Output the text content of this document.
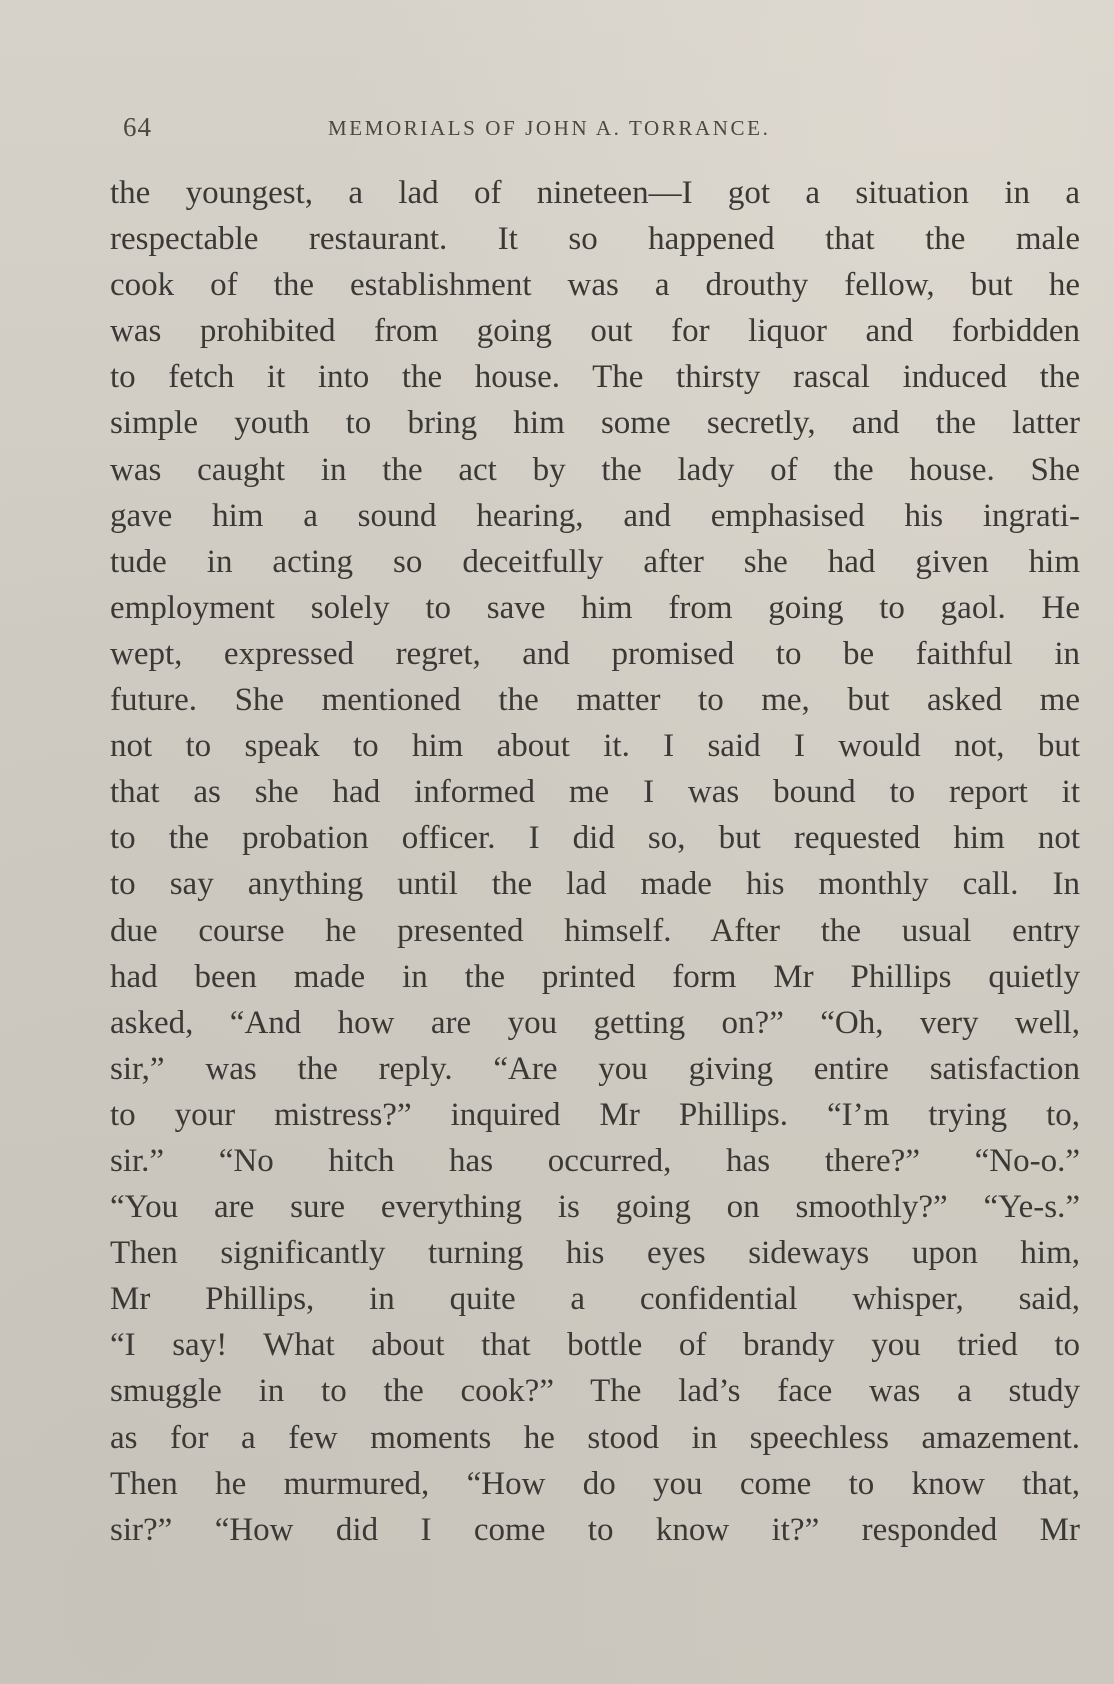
64	MEMORIALS OF JOHN A. TORRANCE.
the youngest, a lad of nineteen—I got a situation in a
respectable restaurant. It so happened that the male
cook of the establishment was a drouthy fellow, but he
was prohibited from going out for liquor and forbidden
to fetch it into the house. The thirsty rascal induced the
simple youth to bring him some secretly, and the latter
was caught in the act by the lady of the house. She
gave him a sound hearing, and emphasised his ingrati-
tude in acting so deceitfully after she had given him
employment solely to save him from going to gaol. He
wept, expressed regret, and promised to be faithful in
future. She mentioned the matter to me, but asked me
not to speak to him about it. I said I would not, but
that as she had informed me I was bound to report it
to the probation officer. I did so, but requested him not
to say anything until the lad made his monthly call. In
due course he presented himself. After the usual entry
had been made in the printed form Mr Phillips quietly
asked, “And how are you getting on?” “Oh, very well,
sir,” was the reply. “Are you giving entire satisfaction
to your mistress?” inquired Mr Phillips. “I’m trying to,
sir.” “No hitch has occurred, has there?” “No-o.”
“You are sure everything is going on smoothly?” “Ye-s.”
Then significantly turning his eyes sideways upon him,
Mr Phillips, in quite a confidential whisper, said,
“I say! What about that bottle of brandy you tried to
smuggle in to the cook?” The lad’s face was a study
as for a few moments he stood in speechless amazement.
Then he murmured, “How do you come to know that,
sir?” “How did I come to know it?” responded Mr
